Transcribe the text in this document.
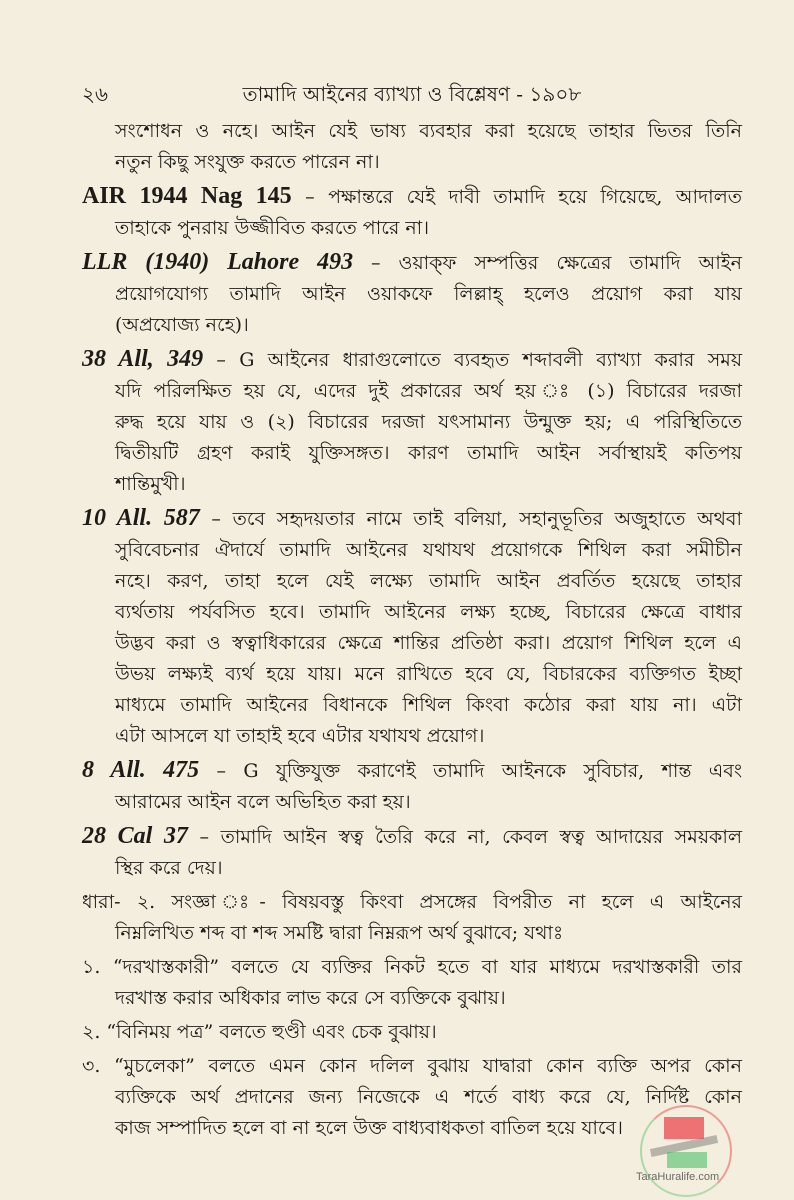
২৬	তামাদি আইনের ব্যাখ্যা ও বিশ্লেষণ - ১৯০৮
সংশোধন ও নহে। আইন যেই ভাষ্য ব্যবহার করা হয়েছে তাহার ভিতর তিনি
নতুন কিছু সংযুক্ত করতে পারেন না।
AIR 1944 Nag 145 – পক্ষান্তরে যেই দাবী তামাদি হয়ে গিয়েছে, আদালত
তাহাকে পুনরায় উজ্জীবিত করতে পারে না।
LLR (1940) Lahore 493 – ওয়াক্ফ সম্পত্তির ক্ষেত্রের তামাদি আইন
প্রয়োগযোগ্য তামাদি আইন ওয়াকফে লিল্লাহ্ হলেও প্রয়োগ করা যায়
(অপ্রযোজ্য নহে)।
38 All, 349 – G আইনের ধারাগুলোতে ব্যবহৃত শব্দাবলী ব্যাখ্যা করার সময়
যদি পরিলক্ষিত হয় যে, এদের দুই প্রকারের অর্থ হয় ঃ (১) বিচারের দরজা
রুদ্ধ হয়ে যায় ও (২) বিচারের দরজা যৎসামান্য উন্মুক্ত হয়; এ পরিস্থিতিতে
দ্বিতীয়টি গ্রহণ করাই যুক্তিসঙ্গত। কারণ তামাদি আইন সর্বাস্থায়ই কতিপয়
শান্তিমুখী।
10 All. 587 – তবে সহৃদয়তার নামে তাই বলিয়া, সহানুভূতির অজুহাতে অথবা
সুবিবেচনার ঐদার্যে তামাদি আইনের যথাযথ প্রয়োগকে শিথিল করা সমীচীন
নহে। করণ, তাহা হলে যেই লক্ষ্যে তামাদি আইন প্রবর্তিত হয়েছে তাহার
ব্যর্থতায় পর্যবসিত হবে। তামাদি আইনের লক্ষ্য হচ্ছে, বিচারের ক্ষেত্রে বাধার
উদ্ভব করা ও স্বত্বাধিকারের ক্ষেত্রে শান্তির প্রতিষ্ঠা করা। প্রয়োগ শিথিল হলে এ
উভয় লক্ষ্যই ব্যর্থ হয়ে যায়। মনে রাখিতে হবে যে, বিচারকের ব্যক্তিগত ইচ্ছা
মাধ্যমে তামাদি আইনের বিধানকে শিথিল কিংবা কঠোর করা যায় না। এটা
এটা আসলে যা তাহাই হবে এটার যথাযথ প্রয়োগ।
8 All. 475 – G যুক্তিযুক্ত করাণেই তামাদি আইনকে সুবিচার, শান্ত এবং
আরামের আইন বলে অভিহিত করা হয়।
28 Cal 37 – তামাদি আইন স্বত্ব তৈরি করে না, কেবল স্বত্ব আদায়ের সময়কাল
স্থির করে দেয়।
ধারা- ২. সংজ্ঞা ঃ- বিষয়বস্তু কিংবা প্রসঙ্গের বিপরীত না হলে এ আইনের
নিম্নলিখিত শব্দ বা শব্দ সমষ্টি দ্বারা নিম্নরূপ অর্থ বুঝাবে; যথাঃ
১. “দরখাস্তকারী” বলতে যে ব্যক্তির নিকট হতে বা যার মাধ্যমে দরখাস্তকারী তার
দরখাস্ত করার অধিকার লাভ করে সে ব্যক্তিকে বুঝায়।
২. “বিনিময় পত্র” বলতে হুণ্ডী এবং চেক বুঝায়।
৩. “মুচলেকা” বলতে এমন কোন দলিল বুঝায় যাদ্বারা কোন ব্যক্তি অপর কোন
ব্যক্তিকে অর্থ প্রদানের জন্য নিজেকে এ শর্তে বাধ্য করে যে, নির্দিষ্ট কোন
কাজ সম্পাদিত হলে বা না হলে উক্ত বাধ্যবাধকতা বাতিল হয়ে যাবে।
TaraHuralife.com
